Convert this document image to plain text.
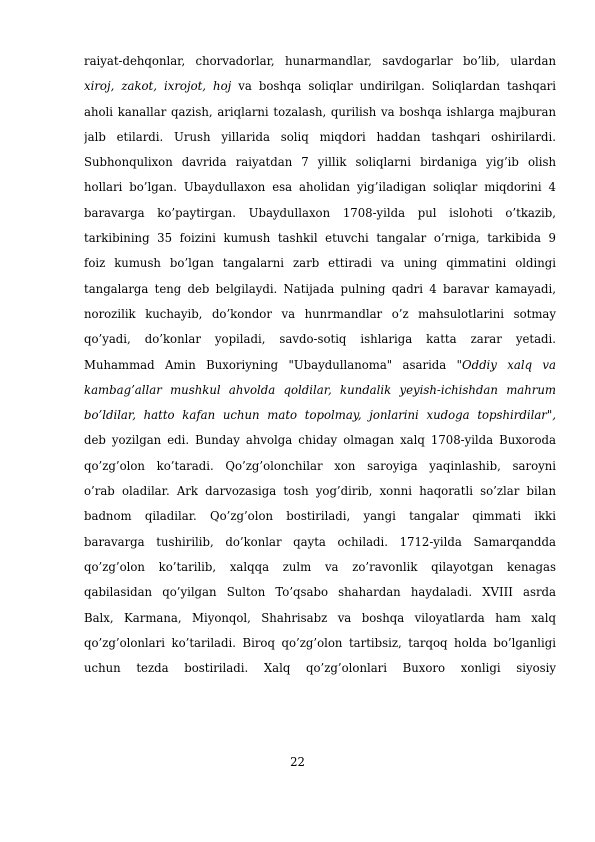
raiyat-dehqonlar, chorvadorlar, hunarmandlar, savdogarlar bo’lib, ulardan
xiroj, zakot, ixrojot, hoj va boshqa soliqlar undirilgan. Soliqlardan tashqari
aholi kanallar qazish, ariqlarni tozalash, qurilish va boshqa ishlarga majburan
jalb etilardi. Urush yillarida soliq miqdori haddan tashqari oshirilardi.
Subhonqulixon davrida raiyatdan 7 yillik soliqlarni birdaniga yig’ib olish
hollari bo’lgan. Ubaydullaxon esa aholidan yig’iladigan soliqlar miqdorini 4
baravarga ko’paytirgan. Ubaydullaxon 1708-yilda pul islohoti o’tkazib,
tarkibining 35 foizini kumush tashkil etuvchi tangalar o’rniga, tarkibida 9
foiz kumush bo’lgan tangalarni zarb ettiradi va uning qimmatini oldingi
tangalarga teng deb belgilaydi. Natijada pulning qadri 4 baravar kamayadi,
norozilik kuchayib, do’kondor va hunrmandlar o’z mahsulotlarini sotmay
qo’yadi, do’konlar yopiladi, savdo-sotiq ishlariga katta zarar yetadi.
Muhammad Amin Buxoriyning "Ubaydullanoma" asarida "Oddiy xalq va
kambag’allar mushkul ahvolda qoldilar, kundalik yeyish-ichishdan mahrum
bo’ldilar, hatto kafan uchun mato topolmay, jonlarini xudoga topshirdilar",
deb yozilgan edi. Bunday ahvolga chiday olmagan xalq 1708-yilda Buxoroda
qo’zg’olon ko’taradi. Qo’zg’olonchilar xon saroyiga yaqinlashib, saroyni
o’rab oladilar. Ark darvozasiga tosh yog’dirib, xonni haqoratli so’zlar bilan
badnom qiladilar. Qo’zg’olon bostiriladi, yangi tangalar qimmati ikki
baravarga tushirilib, do’konlar qayta ochiladi. 1712-yilda Samarqandda
qo’zg’olon ko’tarilib, xalqqa zulm va zo’ravonlik qilayotgan kenagas
qabilasidan qo’yilgan Sulton To’qsabo shahardan haydaladi. XVIII asrda
Balx, Karmana, Miyonqol, Shahrisabz va boshqa viloyatlarda ham xalq
qo’zg’olonlari ko’tariladi. Biroq qo’zg’olon tartibsiz, tarqoq holda bo’lganligi
uchun tezda bostiriladi. Xalq qo’zg’olonlari Buxoro xonligi siyosiy
22
